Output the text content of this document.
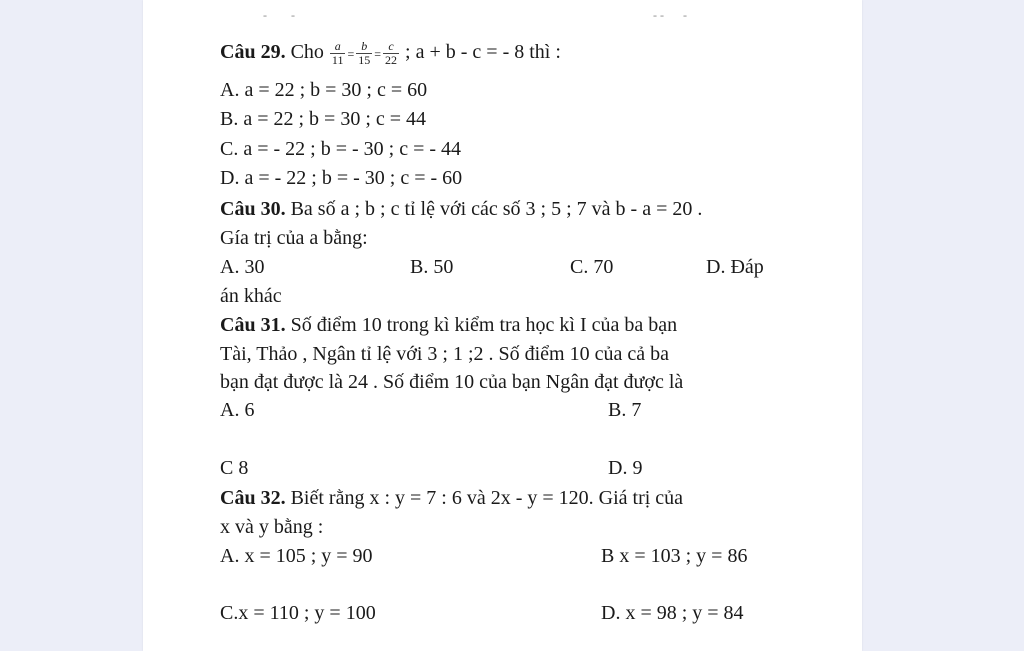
- -	- - -
Câu 29. Cho $\frac{a}{11} = \frac{b}{15} = \frac{c}{22}$ ; a + b - c = - 8 thì :
A. a = 22 ; b = 30 ; c = 60
B. a = 22 ; b = 30 ; c = 44
C. a = - 22 ; b = - 30 ; c = - 44
D. a = - 22 ; b = - 30 ; c = - 60
Câu 30. Ba số a ; b ; c tỉ lệ với các số 3 ; 5 ; 7 và b - a = 20 .
Gía trị của a bằng:
A. 30	B. 50	C. 70	D. Đáp
án khác
Câu 31. Số điểm 10 trong kì kiểm tra học kì I của ba bạn
Tài, Thảo , Ngân tỉ lệ với 3 ; 1 ;2 . Số điểm 10 của cả ba
bạn đạt được là 24 . Số điểm 10 của bạn Ngân đạt được là
A. 6	B. 7
C 8	D. 9
Câu 32. Biết rằng x : y = 7 : 6 và 2x - y = 120. Giá trị của
x và y bằng :
A. x = 105 ; y = 90	B x = 103 ; y = 86
C.x = 110 ; y = 100	D. x = 98 ; y = 84
